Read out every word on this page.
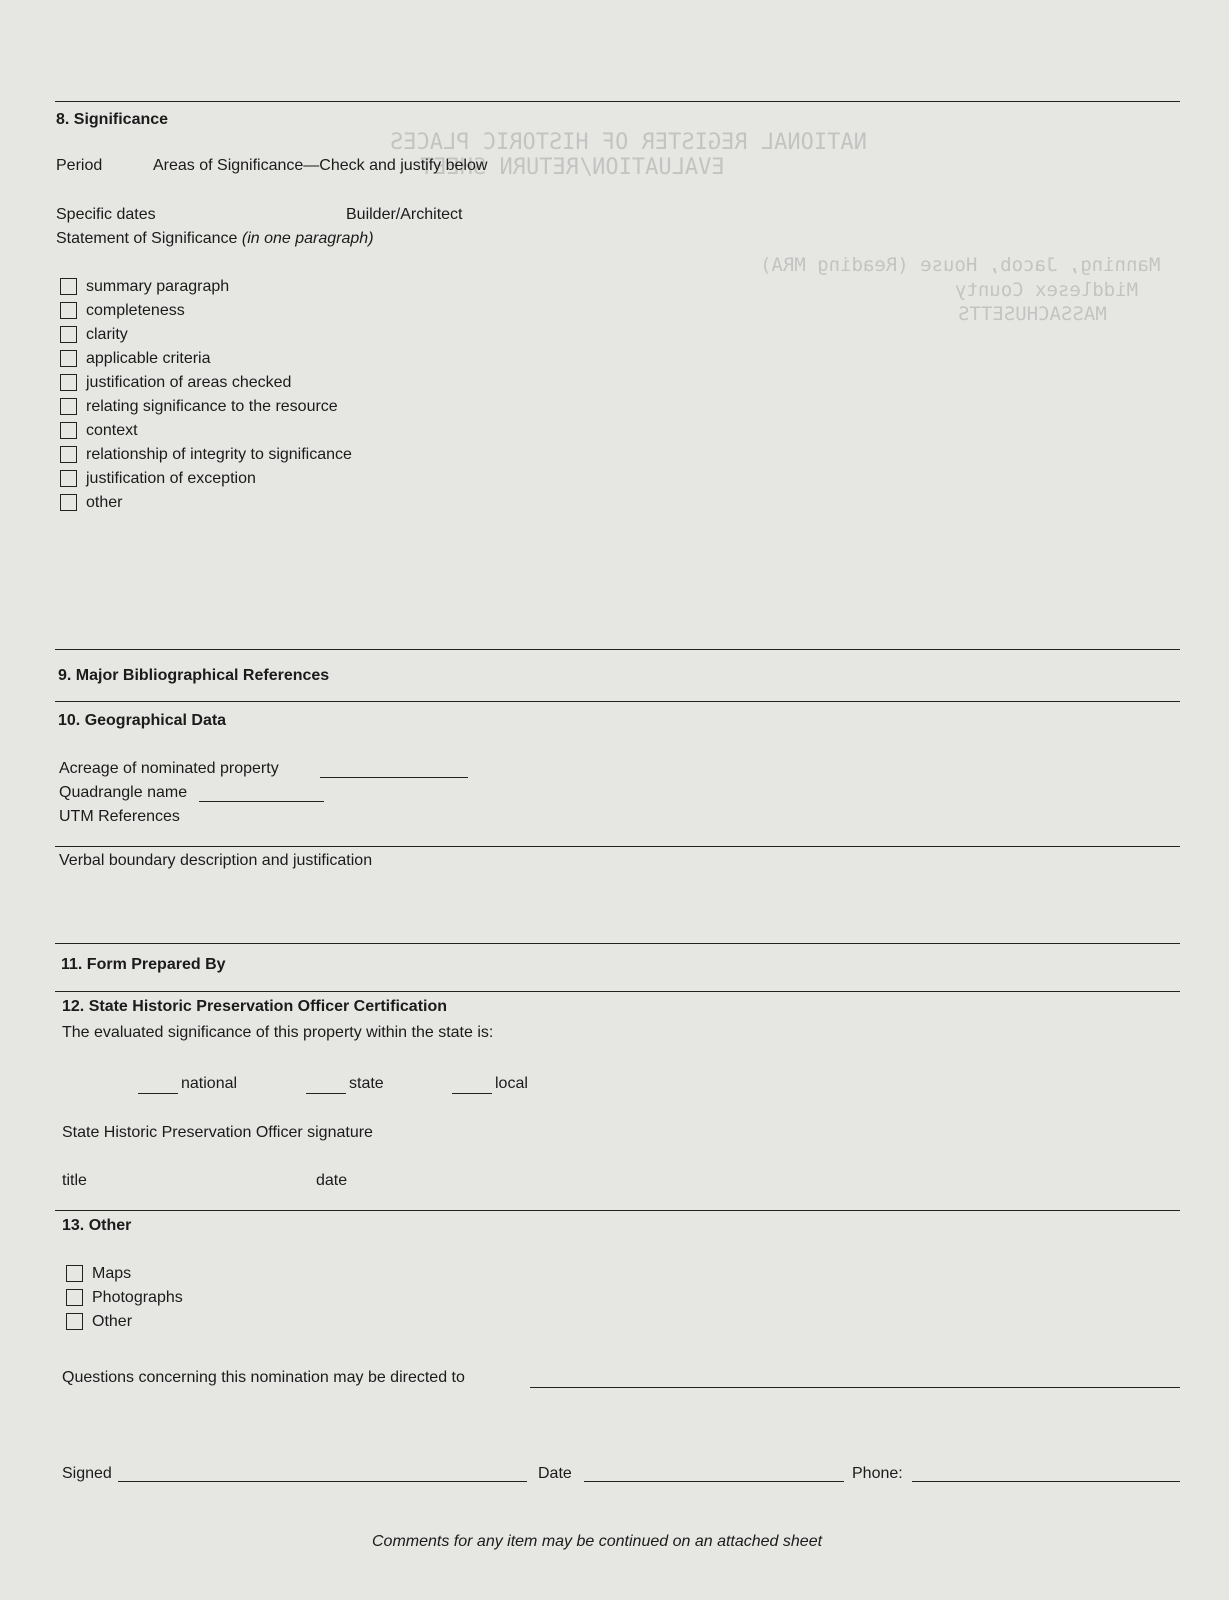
NATIONAL REGISTER OF HISTORIC PLACES
EVALUATION/RETURN SHEET
Manning, Jacob, House (Reading MRA)
Middlesex County
MASSACHUSETTS
8. Significance
Period	Areas of Significance—Check and justify below
Specific dates	Builder/Architect
Statement of Significance (in one paragraph)
summary paragraph
completeness
clarity
applicable criteria
justification of areas checked
relating significance to the resource
context
relationship of integrity to significance
justification of exception
other
9. Major Bibliographical References
10. Geographical Data
Acreage of nominated property
Quadrangle name
UTM References
Verbal boundary description and justification
11. Form Prepared By
12. State Historic Preservation Officer Certification
The evaluated significance of this property within the state is:
national	state	local
State Historic Preservation Officer signature
title	date
13. Other
Maps
Photographs
Other
Questions concerning this nomination may be directed to
Signed	Date	Phone:
Comments for any item may be continued on an attached sheet
